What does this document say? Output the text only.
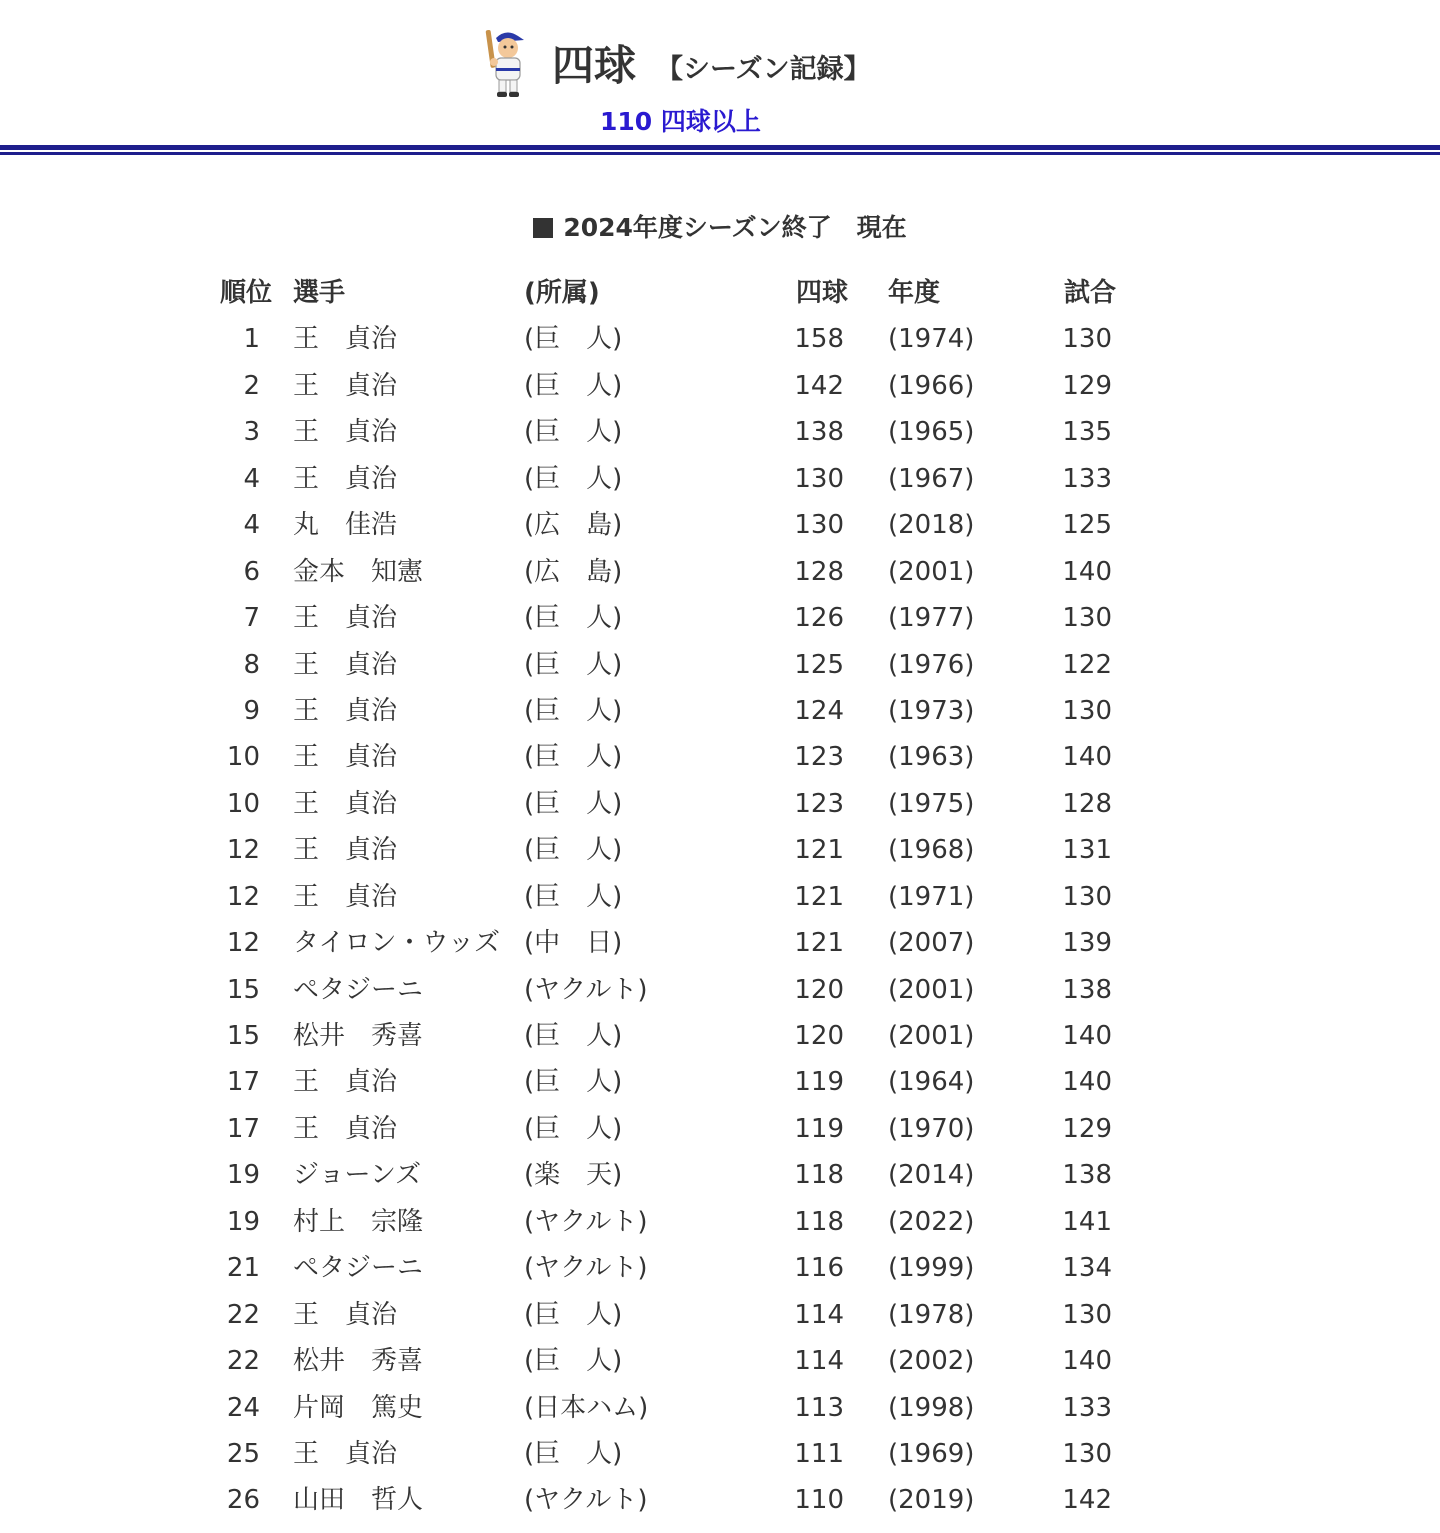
四球 【シーズン記録】
110 四球以上
2024年度シーズン終了　現在
順位 選手	(所属)	四球 年度	試合
1 王　貞治	(巨　人)	158 (1974)	130
2 王　貞治	(巨　人)	142 (1966)	129
3 王　貞治	(巨　人)	138 (1965)	135
4 王　貞治	(巨　人)	130 (1967)	133
4 丸　佳浩	(広　島)	130 (2018)	125
6 金本　知憲	(広　島)	128 (2001)	140
7 王　貞治	(巨　人)	126 (1977)	130
8 王　貞治	(巨　人)	125 (1976)	122
9 王　貞治	(巨　人)	124 (1973)	130
10 王　貞治	(巨　人)	123 (1963)	140
10 王　貞治	(巨　人)	123 (1975)	128
12 王　貞治	(巨　人)	121 (1968)	131
12 王　貞治	(巨　人)	121 (1971)	130
12 タイロン・ウッズ (中　日)	121 (2007)	139
15 ペタジーニ	(ヤクルト)	120 (2001)	138
15 松井　秀喜	(巨　人)	120 (2001)	140
17 王　貞治	(巨　人)	119 (1964)	140
17 王　貞治	(巨　人)	119 (1970)	129
19 ジョーンズ	(楽　天)	118 (2014)	138
19 村上　宗隆	(ヤクルト)	118 (2022)	141
21 ペタジーニ	(ヤクルト)	116 (1999)	134
22 王　貞治	(巨　人)	114 (1978)	130
22 松井　秀喜	(巨　人)	114 (2002)	140
24 片岡　篤史	(日本ハム)	113 (1998)	133
25 王　貞治	(巨　人)	111 (1969)	130
26 山田　哲人	(ヤクルト)	110 (2019)	142
